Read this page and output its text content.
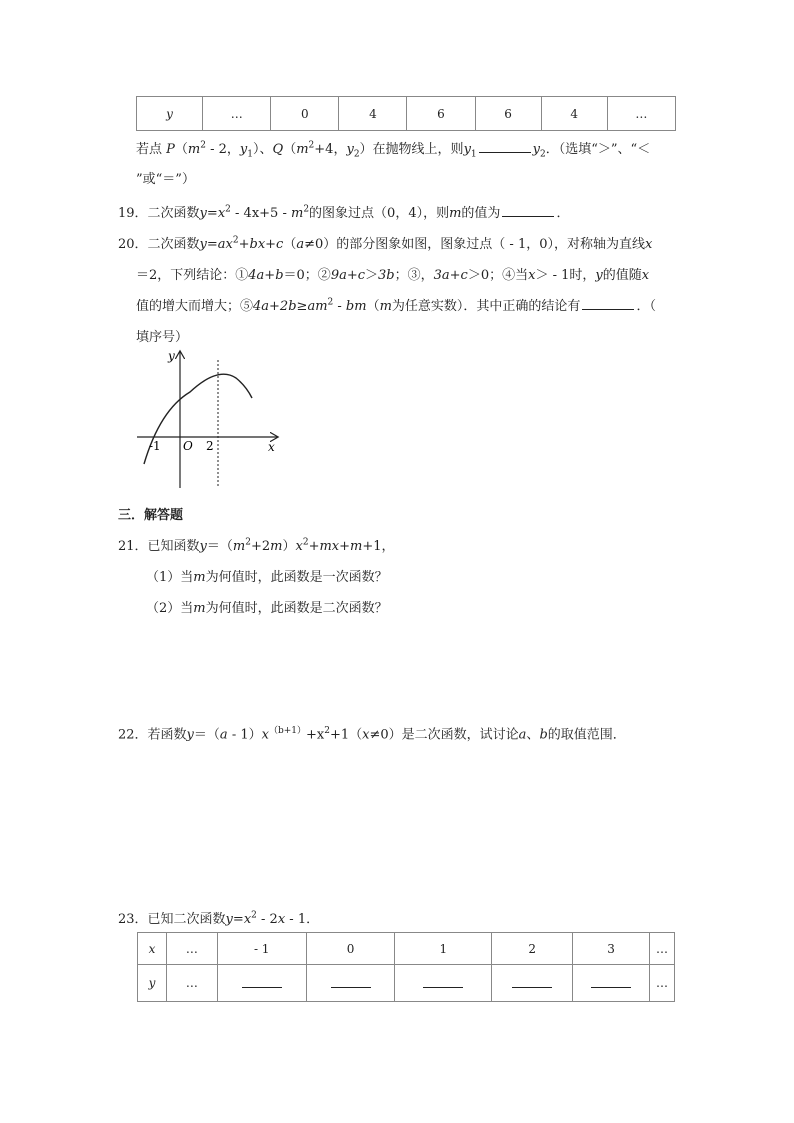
y	…	0	4	6	6	4	…
若点 $P(m^2 - 2$，$y_1$）、$Q(m^2+4$，$y_2$）在抛物线上，则$y_1$	$y_2$．（选填“＞”、“＜
”或“＝”）
19．二次函数$y=x^2 - 4x+5 - m^2$的图象过点（0，4），则m的值为	．
20．二次函数$y=ax^2+bx+c(a\ne 0)$的部分图象如图，图象过点（ - 1，0），对称轴为直线x
＝2，下列结论：①4a+b＝0；②9a+c＞3b；③，3a+c＞0；④当x＞ - 1时，y的值随x
值的增大而增大；$⑤4a+2b\ge am^2 - bm(m$为任意实数）．其中正确的结论有	．（
填序号）
y
x
O
-1	2
三．解答题
21．已知函数$y=(m^2+2m)x^2+mx+m+1$，
（1）当m为何值时，此函数是一次函数？
（2）当m为何值时，此函数是二次函数？
22．若函数$y=(a - 1)x^{(b+1)}+x^2+1(x\ne 0)$是二次函数，试讨论a、b的取值范围．
23．已知二次函数$y=x^2 - 2x - 1$．
x	…	- 1	0	1	2	3	…
y	…						…
